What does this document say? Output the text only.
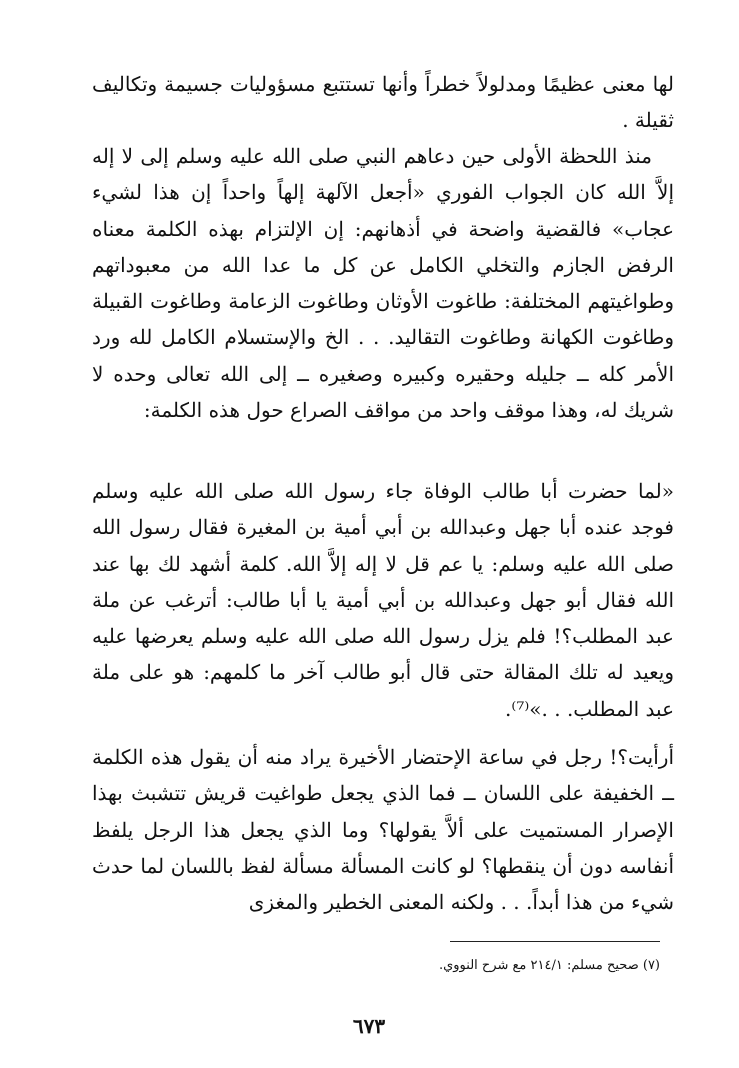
لها معنى عظيمًا ومدلولاً خطراً وأنها تستتبع مسؤوليات جسيمة وتكاليف ثقيلة .

منذ اللحظة الأولى حين دعاهم النبي صلى الله عليه وسلم إلى لا إله إلاَّ الله كان الجواب الفوري «أجعل الآلهة إلهاً واحداً إن هذا لشيء عجاب» فالقضية واضحة في أذهانهم: إن الإلتزام بهذه الكلمة معناه الرفض الجازم والتخلي الكامل عن كل ما عدا الله من معبوداتهم وطواغيتهم المختلفة: طاغوت الأوثان وطاغوت الزعامة وطاغوت القبيلة وطاغوت الكهانة وطاغوت التقاليد. . . الخ والإستسلام الكامل لله ورد الأمر كله ــ جليله وحقيره وكبيره وصغيره ــ إلى الله تعالى وحده لا شريك له، وهذا موقف واحد من مواقف الصراع حول هذه الكلمة:

«لما حضرت أبا طالب الوفاة جاء رسول الله صلى الله عليه وسلم فوجد عنده أبا جهل وعبدالله بن أبي أمية بن المغيرة فقال رسول الله صلى الله عليه وسلم: يا عم قل لا إله إلاَّ الله. كلمة أشهد لك بها عند الله فقال أبو جهل وعبدالله بن أبي أمية يا أبا طالب: أترغب عن ملة عبد المطلب؟! فلم يزل رسول الله صلى الله عليه وسلم يعرضها عليه ويعيد له تلك المقالة حتى قال أبو طالب آخر ما كلمهم: هو على ملة عبد المطلب. . .»⁽⁷⁾.

أرأيت؟! رجل في ساعة الإحتضار الأخيرة يراد منه أن يقول هذه الكلمة ــ الخفيفة على اللسان ــ فما الذي يجعل طواغيت قريش تتشبث بهذا الإصرار المستميت على ألاَّ يقولها؟ وما الذي يجعل هذا الرجل يلفظ أنفاسه دون أن ينقطها؟ لو كانت المسألة مسألة لفظ باللسان لما حدث شيء من هذا أبداً. . . ولكنه المعنى الخطير والمغزى

(٧) صحيح مسلم: ٢١٤/١ مع شرح النووي.
٦٧٣
